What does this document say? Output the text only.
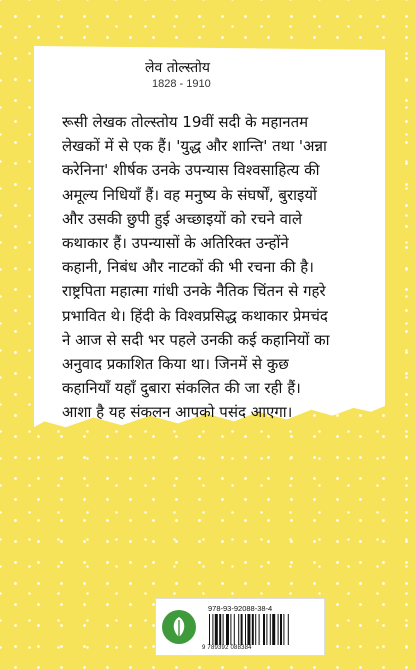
लेव तोल्स्तोय
1828 - 1910
रूसी लेखक तोल्स्तोय 19वीं सदी के महानतम
लेखकों में से एक हैं। 'युद्ध और शान्ति' तथा 'अन्ना
करेनिना' शीर्षक उनके उपन्यास विश्वसाहित्य की
अमूल्य निधियाँ हैं। वह मनुष्य के संघर्षों, बुराइयों
और उसकी छुपी हुई अच्छाइयों को रचने वाले
कथाकार हैं। उपन्यासों के अतिरिक्त उन्होंने
कहानी, निबंध और नाटकों की भी रचना की है।
राष्ट्रपिता महात्मा गांधी उनके नैतिक चिंतन से गहरे
प्रभावित थे। हिंदी के विश्वप्रसिद्ध कथाकार प्रेमचंद
ने आज से सदी भर पहले उनकी कई कहानियों का
अनुवाद प्रकाशित किया था। जिनमें से कुछ
कहानियाँ यहाँ दुबारा संकलित की जा रही हैं।
आशा है यह संकलन आपको पसंद आएगा।
978-93-92088-38-4
9 789392 088384
